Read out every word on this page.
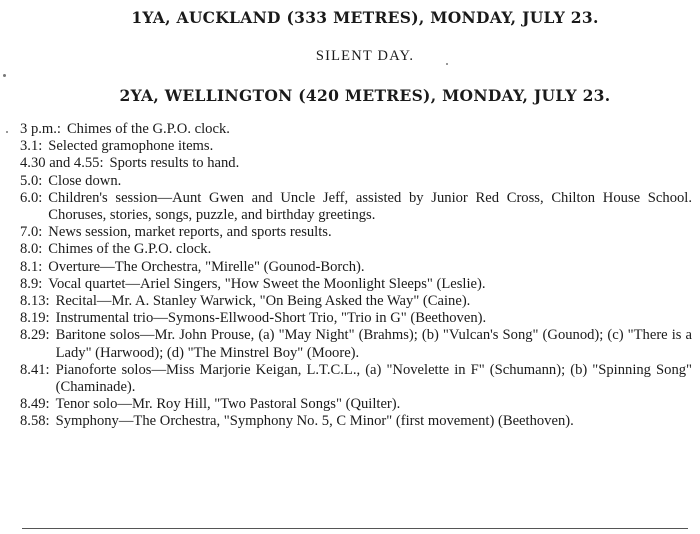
1YA, AUCKLAND (333 METRES), MONDAY, JULY 23.

SILENT DAY.

2YA, WELLINGTON (420 METRES), MONDAY, JULY 23.
3 p.m.: Chimes of the G.P.O. clock.
3.1: Selected gramophone items.
4.30 and 4.55: Sports results to hand.
5.0: Close down.
6.0: Children's session—Aunt Gwen and Uncle Jeff, assisted by Junior Red Cross, Chilton House School. Choruses, stories, songs, puzzle, and birthday greetings.
7.0: News session, market reports, and sports results.
8.0: Chimes of the G.P.O. clock.
8.1: Overture—The Orchestra, "Mirelle" (Gounod-Borch).
8.9: Vocal quartet—Ariel Singers, "How Sweet the Moonlight Sleeps" (Leslie).
8.13: Recital—Mr. A. Stanley Warwick, "On Being Asked the Way" (Caine).
8.19: Instrumental trio—Symons-Ellwood-Short Trio, "Trio in G" (Beethoven).
8.29: Baritone solos—Mr. John Prouse, (a) "May Night" (Brahms); (b) "Vulcan's Song" (Gounod); (c) "There is a Lady" (Harwood); (d) "The Minstrel Boy" (Moore).
8.41: Pianoforte solos—Miss Marjorie Keigan, L.T.C.L., (a) "Novelette in F" (Schumann); (b) "Spinning Song" (Chaminade).
8.49: Tenor solo—Mr. Roy Hill, "Two Pastoral Songs" (Quilter).
8.58: Symphony—The Orchestra, "Symphony No. 5, C Minor" (first movement) (Beethoven).
